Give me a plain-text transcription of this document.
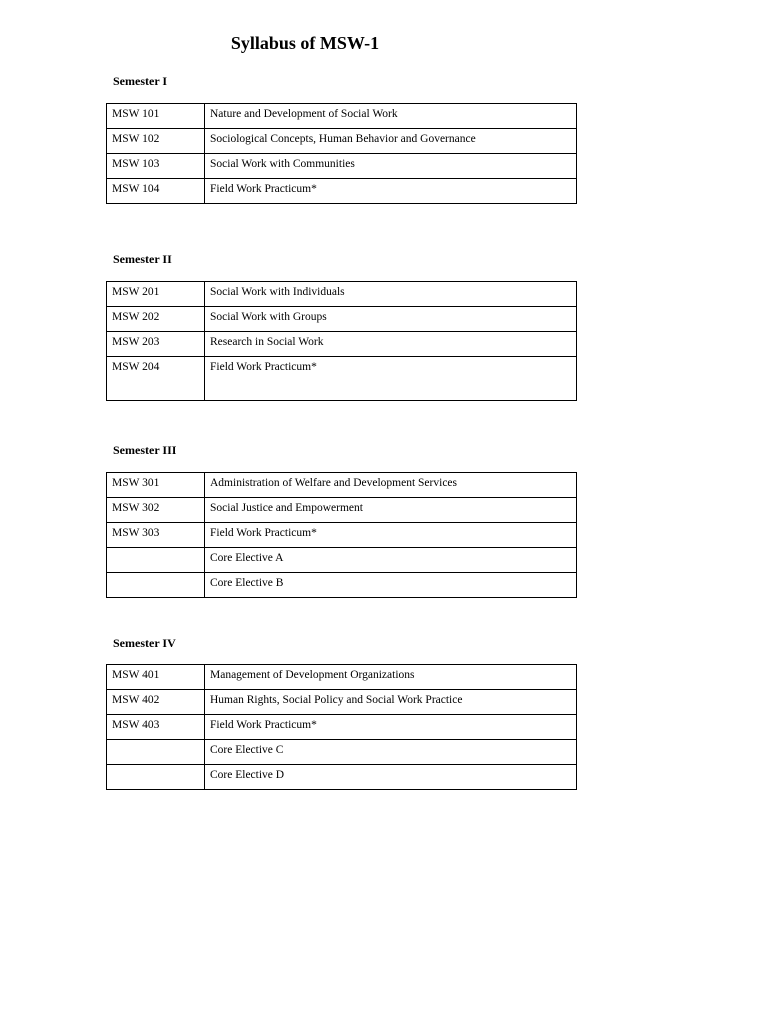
Syllabus of MSW-1
Semester I
MSW 101	Nature and Development of Social Work
MSW 102	Sociological Concepts, Human Behavior and Governance
MSW 103	Social Work with Communities
MSW 104	Field Work Practicum*
Semester II
MSW 201	Social Work with Individuals
MSW 202	Social Work with Groups
MSW 203	Research in Social Work
MSW 204	Field Work Practicum*
Semester III
MSW 301	Administration of Welfare and Development Services
MSW 302	Social Justice and Empowerment
MSW 303	Field Work Practicum*
	Core Elective A
	Core Elective B
Semester IV
MSW 401	Management of Development Organizations
MSW 402	Human Rights, Social Policy and Social Work Practice
MSW 403	Field Work Practicum*
	Core Elective C
	Core Elective D
